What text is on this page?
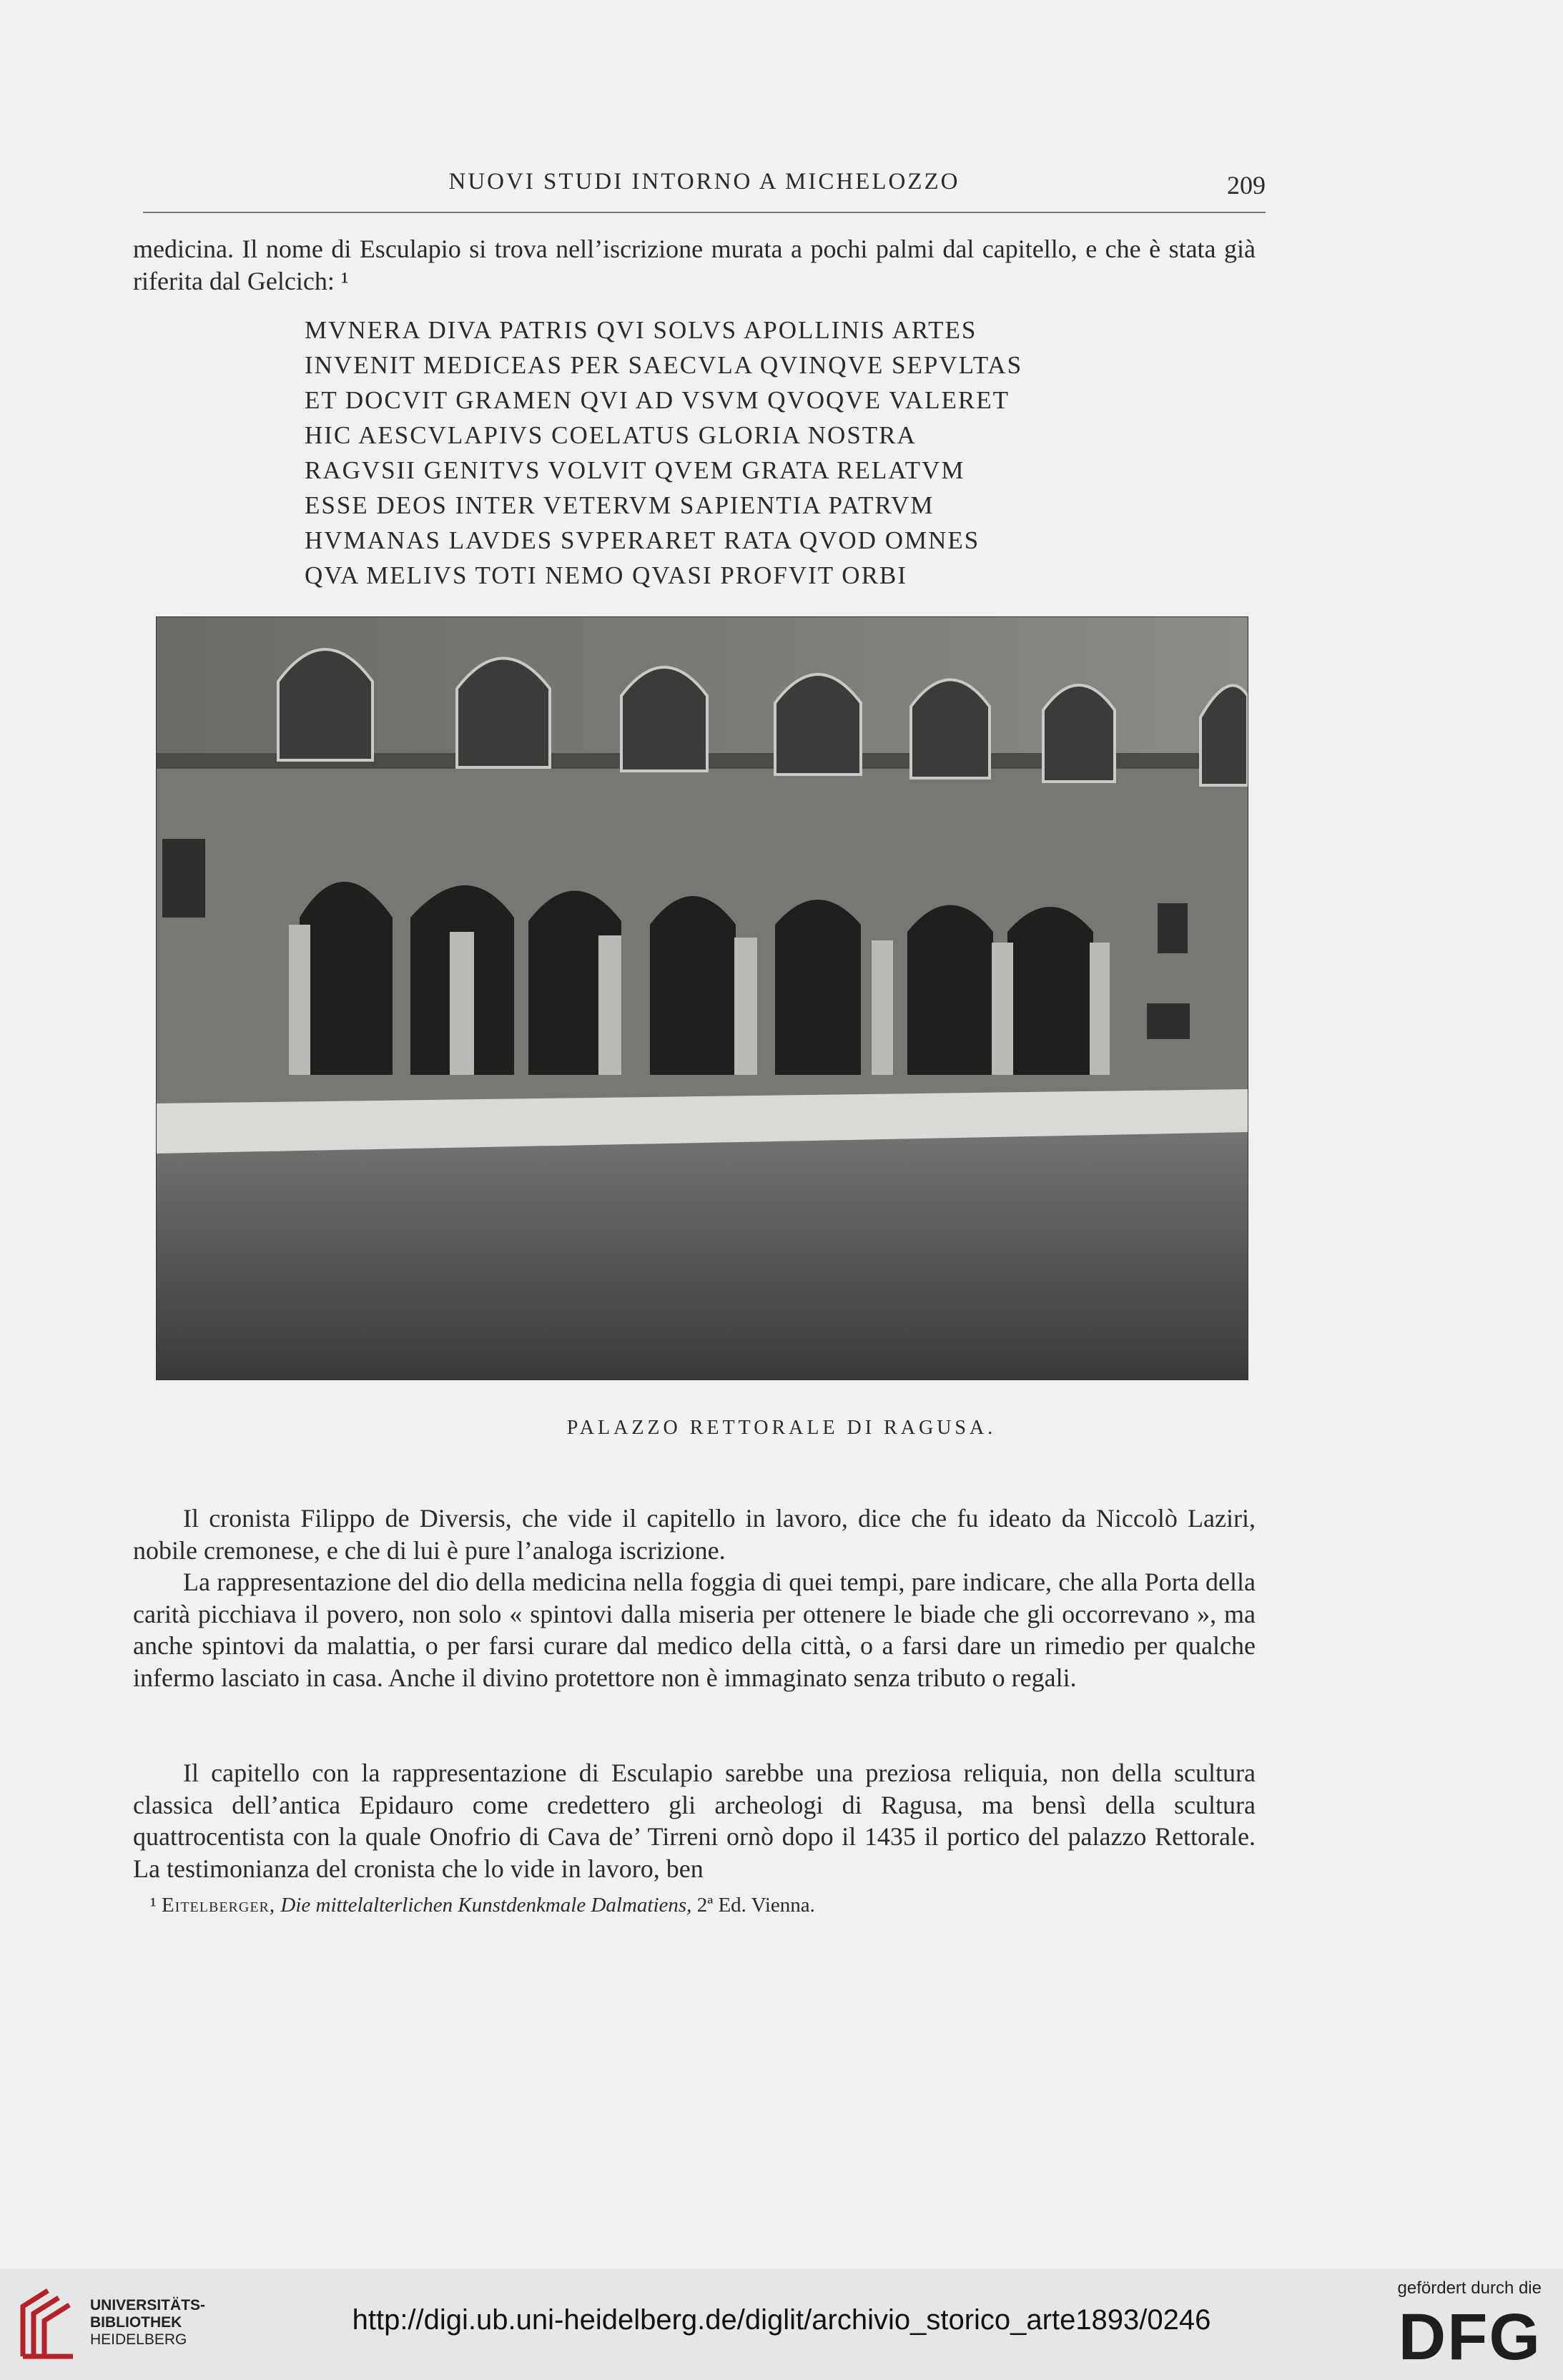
NUOVI STUDI INTORNO A MICHELOZZO	209

medicina. Il nome di Esculapio si trova nell’iscrizione murata a pochi palmi dal capitello, e che è stata già riferita dal Gelcich: ¹

MVNERA DIVA PATRIS QVI SOLVS APOLLINIS ARTES
INVENIT MEDICEAS PER SAECVLA QVINQVE SEPVLTAS
ET DOCVIT GRAMEN QVI AD VSVM QVOQVE VALERET
HIC AESCVLAPIVS COELATUS GLORIA NOSTRA
RAGVSII GENITVS VOLVIT QVEM GRATA RELATVM
ESSE DEOS INTER VETERVM SAPIENTIA PATRVM
HVMANAS LAVDES SVPERARET RATA QVOD OMNES
QVA MELIVS TOTI NEMO QVASI PROFVIT ORBI
PALAZZO RETTORALE DI RAGUSA.

Il cronista Filippo de Diversis, che vide il capitello in lavoro, dice che fu ideato da Niccolò Laziri, nobile cremonese, e che di lui è pure l’analoga iscrizione.

La rappresentazione del dio della medicina nella foggia di quei tempi, pare indicare, che alla Porta della carità picchiava il povero, non solo « spintovi dalla miseria per ottenere le biade che gli occorrevano », ma anche spintovi da malattia, o per farsi curare dal medico della città, o a farsi dare un rimedio per qualche infermo lasciato in casa. Anche il divino protettore non è immaginato senza tributo o regali.

Il capitello con la rappresentazione di Esculapio sarebbe una preziosa reliquia, non della scultura classica dell’antica Epidauro come credettero gli archeologi di Ragusa, ma bensì della scultura quattrocentista con la quale Onofrio di Cava de’ Tirreni ornò dopo il 1435 il portico del palazzo Rettorale. La testimonianza del cronista che lo vide in lavoro, ben

¹ Eitelberger, Die mittelalterlichen Kunstdenkmale Dalmatiens, 2ª Ed. Vienna.
UNIVERSITÄTS-
BIBLIOTHEK
HEIDELBERG
http://digi.ub.uni-heidelberg.de/diglit/archivio_storico_arte1893/0246
gefördert durch die
DFG
